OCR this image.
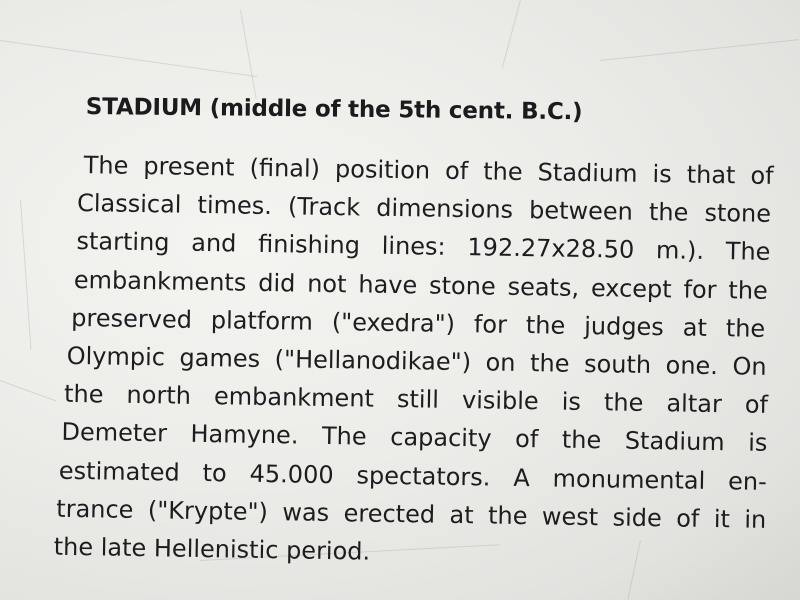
STADIUM (middle of the 5th cent. B.C.)
The present (final) position of the Stadium is that of
Classical times. (Track dimensions between the stone
starting and finishing lines: 192.27x28.50 m.). The
embankments did not have stone seats, except for the
preserved platform ("exedra") for the judges at the
Olympic games ("Hellanodikae") on the south one. On
the north embankment still visible is the altar of
Demeter Hamyne. The capacity of the Stadium is
estimated to 45.000 spectators. A monumental en-
trance ("Krypte") was erected at the west side of it in
the late Hellenistic period.
